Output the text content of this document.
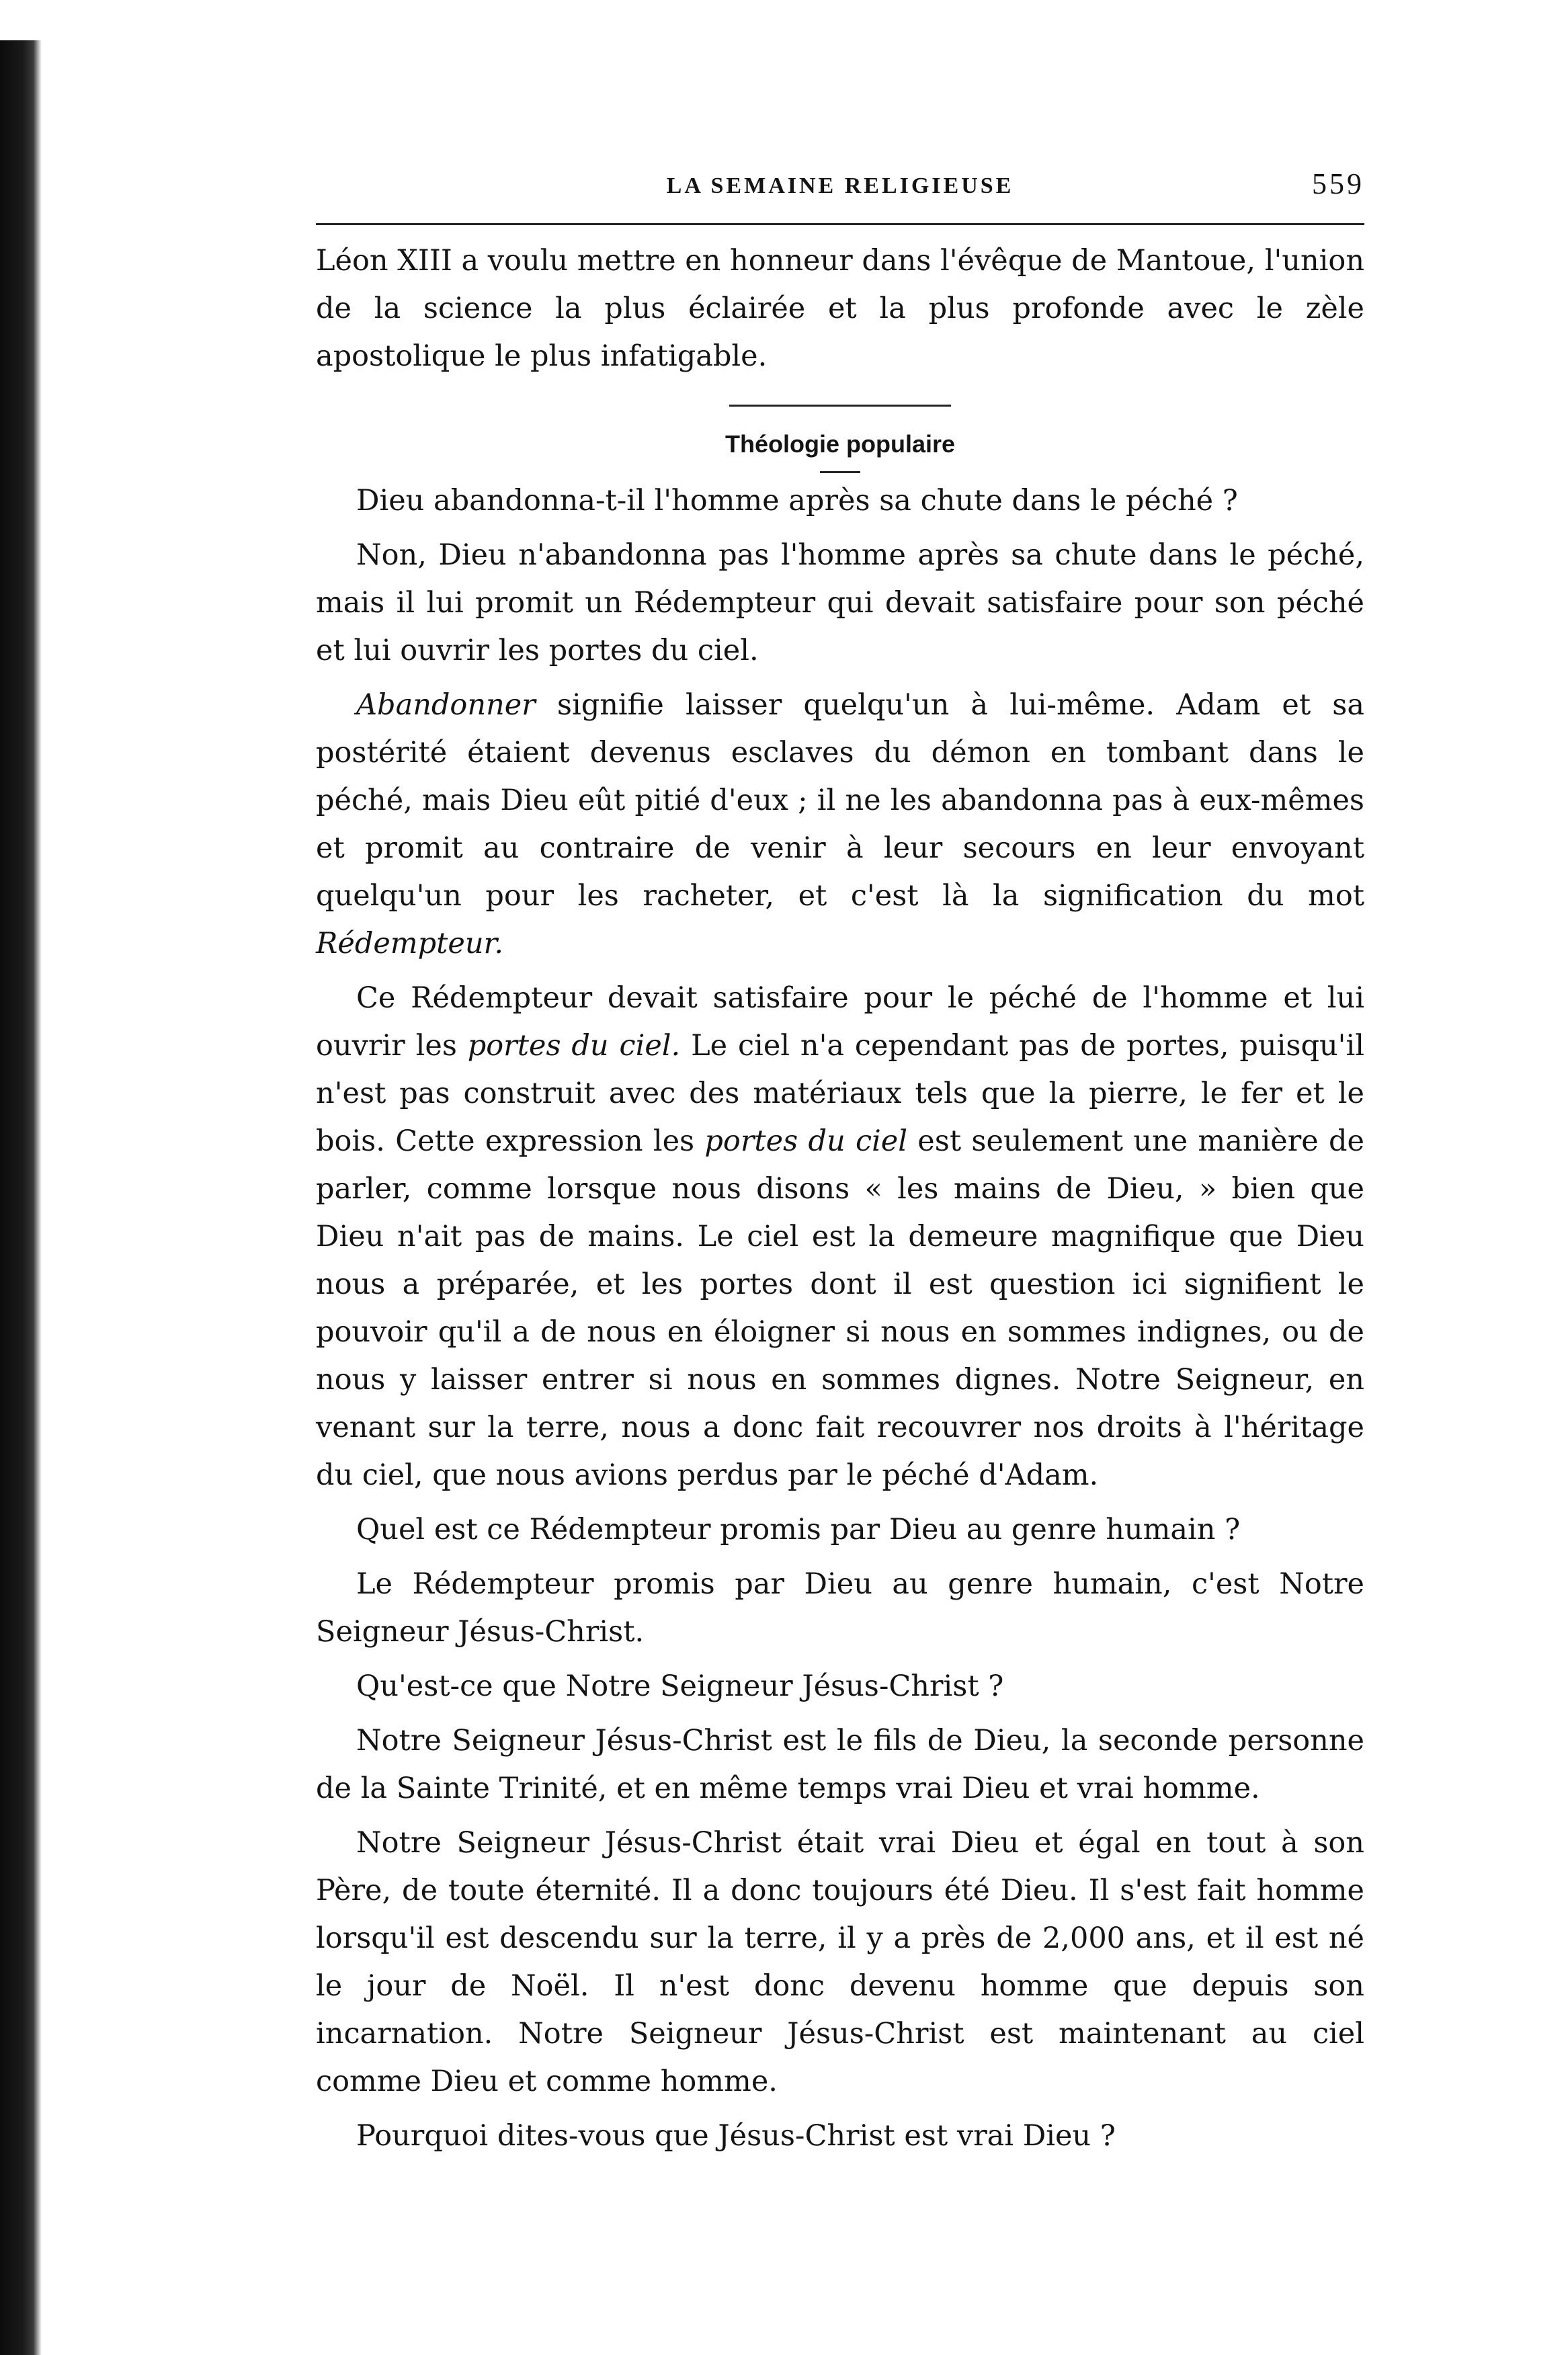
LA SEMAINE RELIGIEUSE	559

Léon XIII a voulu mettre en honneur dans l'évêque de Mantoue, l'union de la science la plus éclairée et la plus profonde avec le zèle apostolique le plus infatigable.

Théologie populaire

Dieu abandonna-t-il l'homme après sa chute dans le péché ?

Non, Dieu n'abandonna pas l'homme après sa chute dans le péché, mais il lui promit un Rédempteur qui devait satisfaire pour son péché et lui ouvrir les portes du ciel.

Abandonner signifie laisser quelqu'un à lui-même. Adam et sa postérité étaient devenus esclaves du démon en tombant dans le péché, mais Dieu eût pitié d'eux ; il ne les abandonna pas à eux-mêmes et promit au contraire de venir à leur secours en leur envoyant quelqu'un pour les racheter, et c'est là la signification du mot Rédempteur.

Ce Rédempteur devait satisfaire pour le péché de l'homme et lui ouvrir les portes du ciel. Le ciel n'a cependant pas de portes, puisqu'il n'est pas construit avec des matériaux tels que la pierre, le fer et le bois. Cette expression les portes du ciel est seulement une manière de parler, comme lorsque nous disons « les mains de Dieu, » bien que Dieu n'ait pas de mains. Le ciel est la demeure magnifique que Dieu nous a préparée, et les portes dont il est question ici signifient le pouvoir qu'il a de nous en éloigner si nous en sommes indignes, ou de nous y laisser entrer si nous en sommes dignes. Notre Seigneur, en venant sur la terre, nous a donc fait recouvrer nos droits à l'héritage du ciel, que nous avions perdus par le péché d'Adam.

Quel est ce Rédempteur promis par Dieu au genre humain ?

Le Rédempteur promis par Dieu au genre humain, c'est Notre Seigneur Jésus-Christ.

Qu'est-ce que Notre Seigneur Jésus-Christ ?

Notre Seigneur Jésus-Christ est le fils de Dieu, la seconde personne de la Sainte Trinité, et en même temps vrai Dieu et vrai homme.

Notre Seigneur Jésus-Christ était vrai Dieu et égal en tout à son Père, de toute éternité. Il a donc toujours été Dieu. Il s'est fait homme lorsqu'il est descendu sur la terre, il y a près de 2,000 ans, et il est né le jour de Noël. Il n'est donc devenu homme que depuis son incarnation. Notre Seigneur Jésus-Christ est maintenant au ciel comme Dieu et comme homme.

Pourquoi dites-vous que Jésus-Christ est vrai Dieu ?
